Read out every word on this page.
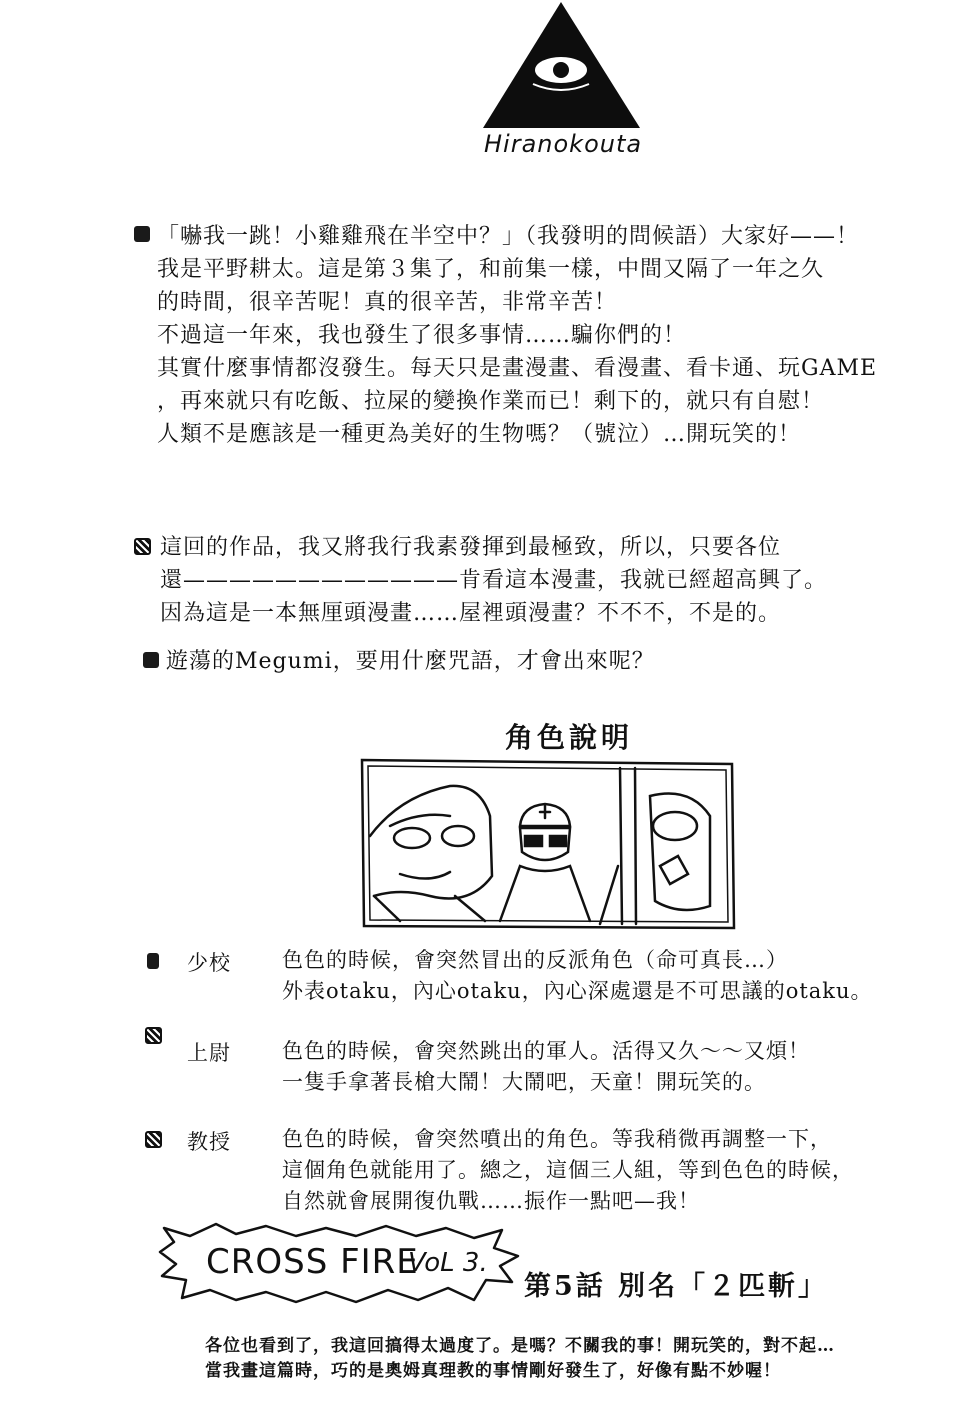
Hiranokouta

「嚇我一跳！小雞雞飛在半空中？」（我發明的問候語）大家好——！

我是平野耕太。這是第３集了，和前集一樣，中間又隔了一年之久

的時間，很辛苦呢！真的很辛苦，非常辛苦！

不過這一年來，我也發生了很多事情……騙你們的！

其實什麼事情都沒發生。每天只是畫漫畫、看漫畫、看卡通、玩GAME

，再來就只有吃飯、拉屎的變換作業而已！剩下的，就只有自慰！

人類不是應該是一種更為美好的生物嗎？（號泣）…開玩笑的！

這回的作品，我又將我行我素發揮到最極致，所以，只要各位

還————————————肯看這本漫畫，我就已經超高興了。

因為這是一本無厘頭漫畫……屋裡頭漫畫？不不不，不是的。

遊蕩的Megumi，要用什麼咒語，才會出來呢？

角色說明
少校 色色的時候，會突然冒出的反派角色（命可真長…）

外表otaku，內心otaku，內心深處還是不可思議的otaku。

上尉 色色的時候，會突然跳出的軍人。活得又久～～又煩！

一隻手拿著長槍大鬧！大鬧吧，天童！開玩笑的。

教授 色色的時候，會突然噴出的角色。等我稍微再調整一下，

這個角色就能用了。總之，這個三人組，等到色色的時候，

自然就會展開復仇戰……振作一點吧—我！

CROSS FIRE
VoL 3.
第5話 別名「２匹斬」

各位也看到了，我這回搞得太過度了。是嗎？不關我的事！開玩笑的，對不起…

當我畫這篇時，巧的是奧姆真理教的事情剛好發生了，好像有點不妙喔！
